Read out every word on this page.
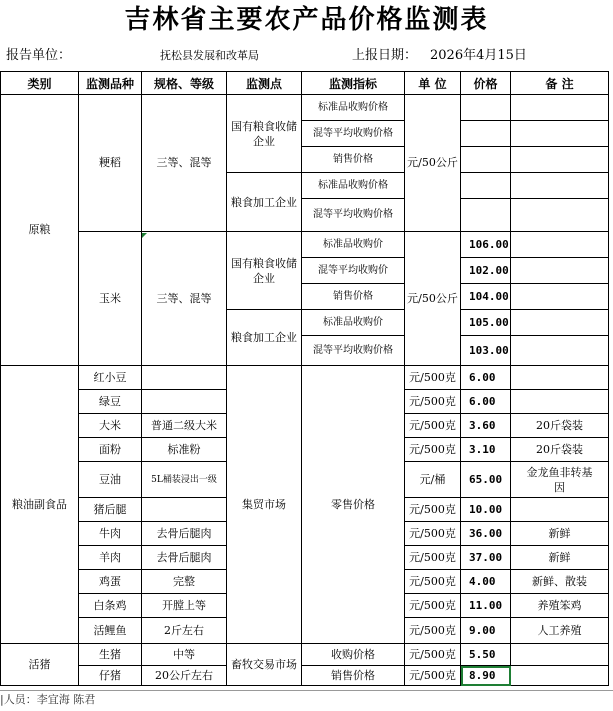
吉林省主要农产品价格监测表
报告单位：	抚松县发展和改革局	上报日期： 2026年4月15日
类别	监测品种	规格、等级	监测点	监测指标	单 位	价格	备 注
原粮	粳稻	三等、混等	国有粮食收储企业	标准品收购价格	元/50公斤		
				混等平均收购价格			
				销售价格			
			粮食加工企业	标准品收购价格			
				混等平均收购价格			
	玉米	三等、混等	国有粮食收储企业	标准品收购价	元/50公斤	106.00	
				混等平均收购价		102.00	
				销售价格		104.00	
			粮食加工企业	标准品收购价		105.00	
				混等平均收购价格		103.00	
粮油副食品	红小豆		集贸市场	零售价格	元/500克	6.00	
	绿豆				元/500克	6.00	
	大米	普通二级大米			元/500克	3.60	20斤袋装
	面粉	标准粉			元/500克	3.10	20斤袋装
	豆油	5L桶装浸出一级			元/桶	65.00	金龙鱼非转基因
	猪后腿				元/500克	10.00	
	牛肉	去骨后腿肉			元/500克	36.00	新鲜
	羊肉	去骨后腿肉			元/500克	37.00	新鲜
	鸡蛋	完整			元/500克	4.00	新鲜、散装
	白条鸡	开膛上等			元/500克	11.00	养殖笨鸡
	活鲤鱼	2斤左右			元/500克	9.00	人工养殖
活猪	生猪	中等	畜牧交易市场	收购价格	元/500克	5.50	
	仔猪	20公斤左右		销售价格	元/500克	8.90	
|人员：李宜海 陈君
